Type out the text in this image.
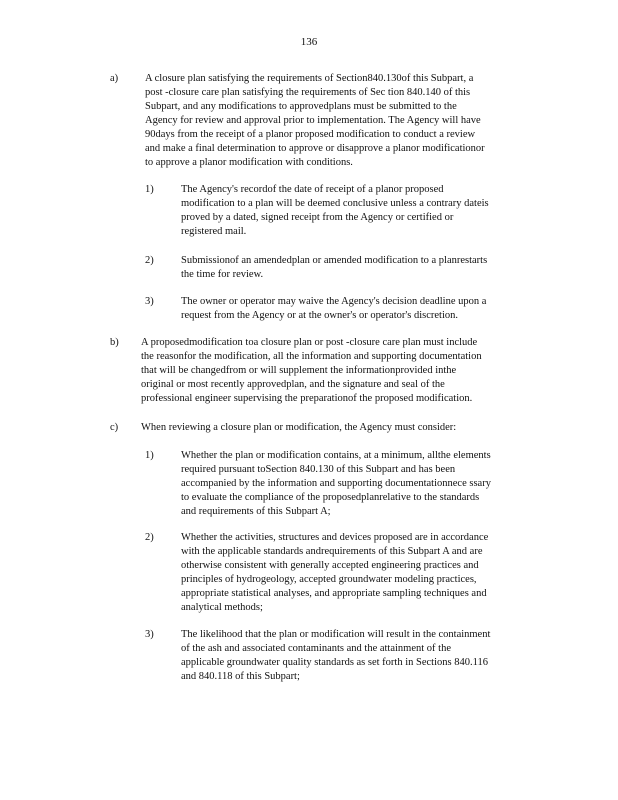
136
a)	A closure plan satisfying the requirements of Section840.130of this Subpart, a
post -closure care plan satisfying the requirements of Sec tion 840.140 of this
Subpart, and any modifications to approvedplans must be submitted to the
Agency for review and approval prior to implementation. The Agency will have
90days from the receipt of a planor proposed modification to conduct a review
and make a final determination to approve or disapprove a planor modificationor
to approve a planor modification with conditions.
1)	The Agency's recordof the date of receipt of a planor proposed
modification to a plan will be deemed conclusive unless a contrary dateis
proved by a dated, signed receipt from the Agency or certified or
registered mail.
2)	Submissionof an amendedplan or amended modification to a planrestarts
the time for review.
3)	The owner or operator may waive the Agency's decision deadline upon a
request from the Agency or at the owner's or operator's discretion.
b) A proposedmodification toa closure plan or post -closure care plan must include
the reasonfor the modification, all the information and supporting documentation
that will be changedfrom or will supplement the informationprovided inthe
original or most recently approvedplan, and the signature and seal of the
professional engineer supervising the preparationof the proposed modification.
c) When reviewing a closure plan or modification, the Agency must consider:
1)	Whether the plan or modification contains, at a minimum, allthe elements
required pursuant toSection 840.130 of this Subpart and has been
accompanied by the information and supporting documentationnece ssary
to evaluate the compliance of the proposedplanrelative to the standards
and requirements of this Subpart A;
2)	Whether the activities, structures and devices proposed are in accordance
with the applicable standards andrequirements of this Subpart A and are
otherwise consistent with generally accepted engineering practices and
principles of hydrogeology, accepted groundwater modeling practices,
appropriate statistical analyses, and appropriate sampling techniques and
analytical methods;
3)	The likelihood that the plan or modification will result in the containment
of the ash and associated contaminants and the attainment of the
applicable groundwater quality standards as set forth in Sections 840.116
and 840.118 of this Subpart;
